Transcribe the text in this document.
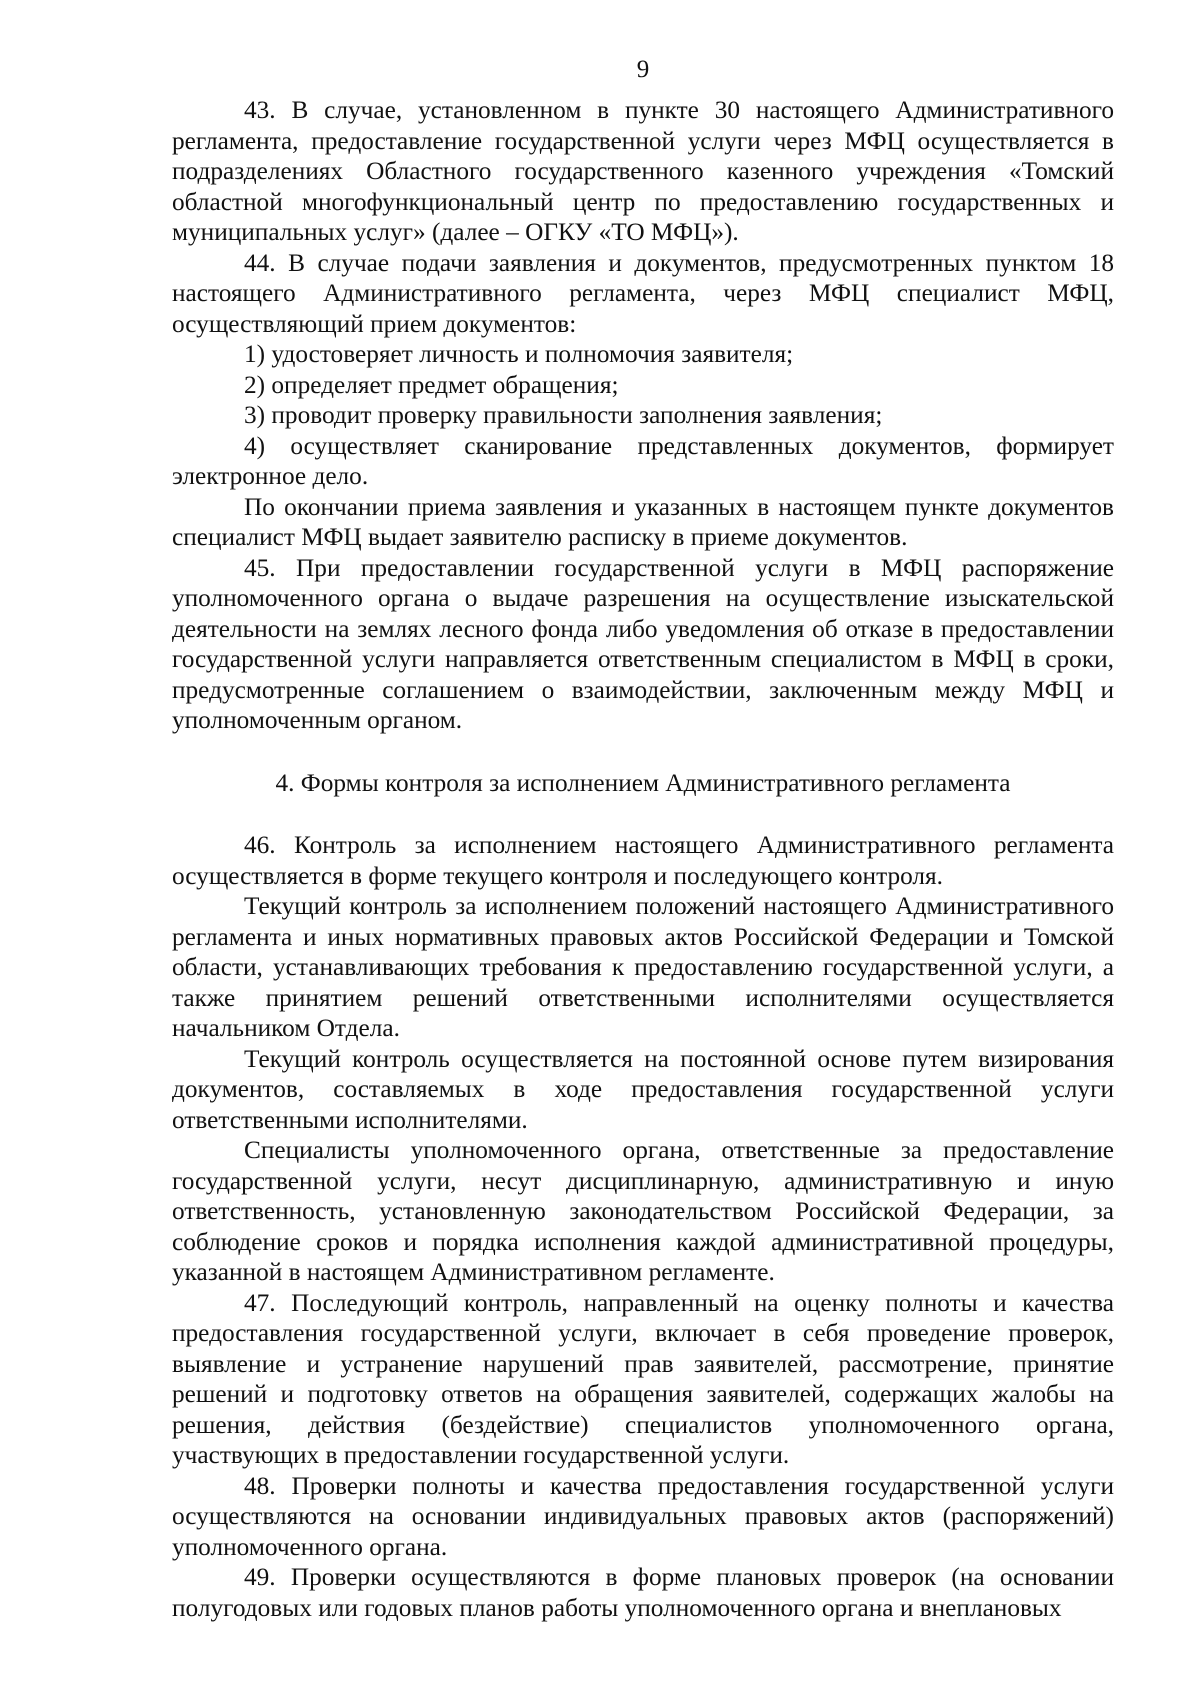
9

43. В случае, установленном в пункте 30 настоящего Административного регламента, предоставление государственной услуги через МФЦ осуществляется в подразделениях Областного государственного казенного учреждения «Томский областной многофункциональный центр по предоставлению государственных и муниципальных услуг» (далее – ОГКУ «ТО МФЦ»).

44. В случае подачи заявления и документов, предусмотренных пунктом 18 настоящего Административного регламента, через МФЦ специалист МФЦ, осуществляющий прием документов:

1) удостоверяет личность и полномочия заявителя;

2) определяет предмет обращения;

3) проводит проверку правильности заполнения заявления;

4) осуществляет сканирование представленных документов, формирует электронное дело.

По окончании приема заявления и указанных в настоящем пункте документов специалист МФЦ выдает заявителю расписку в приеме документов.

45. При предоставлении государственной услуги в МФЦ распоряжение уполномоченного органа о выдаче разрешения на осуществление изыскательской деятельности на землях лесного фонда либо уведомления об отказе в предоставлении государственной услуги направляется ответственным специалистом в МФЦ в сроки, предусмотренные соглашением о взаимодействии, заключенным между МФЦ и уполномоченным органом.

4. Формы контроля за исполнением Административного регламента

46. Контроль за исполнением настоящего Административного регламента осуществляется в форме текущего контроля и последующего контроля.

Текущий контроль за исполнением положений настоящего Административного регламента и иных нормативных правовых актов Российской Федерации и Томской области, устанавливающих требования к предоставлению государственной услуги, а также принятием решений ответственными исполнителями осуществляется начальником Отдела.

Текущий контроль осуществляется на постоянной основе путем визирования документов, составляемых в ходе предоставления государственной услуги ответственными исполнителями.

Специалисты уполномоченного органа, ответственные за предоставление государственной услуги, несут дисциплинарную, административную и иную ответственность, установленную законодательством Российской Федерации, за соблюдение сроков и порядка исполнения каждой административной процедуры, указанной в настоящем Административном регламенте.

47. Последующий контроль, направленный на оценку полноты и качества предоставления государственной услуги, включает в себя проведение проверок, выявление и устранение нарушений прав заявителей, рассмотрение, принятие решений и подготовку ответов на обращения заявителей, содержащих жалобы на решения, действия (бездействие) специалистов уполномоченного органа, участвующих в предоставлении государственной услуги.

48. Проверки полноты и качества предоставления государственной услуги осуществляются на основании индивидуальных правовых актов (распоряжений) уполномоченного органа.

49. Проверки осуществляются в форме плановых проверок (на основании полугодовых или годовых планов работы уполномоченного органа и внеплановых
